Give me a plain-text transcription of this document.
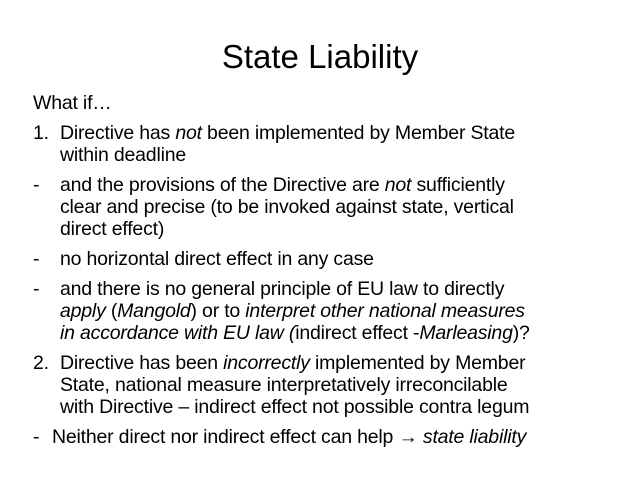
State Liability
What if…
1. Directive has not been implemented by Member State
within deadline
- and the provisions of the Directive are not sufficiently
clear and precise (to be invoked against state, vertical
direct effect)
- no horizontal direct effect in any case
- and there is no general principle of EU law to directly
apply (Mangold) or to interpret other national measures
in accordance with EU law (indirect effect -Marleasing)?
2. Directive has been incorrectly implemented by Member
State, national measure interpretatively irreconcilable
with Directive – indirect effect not possible contra legum
- Neither direct nor indirect effect can help → state liability
